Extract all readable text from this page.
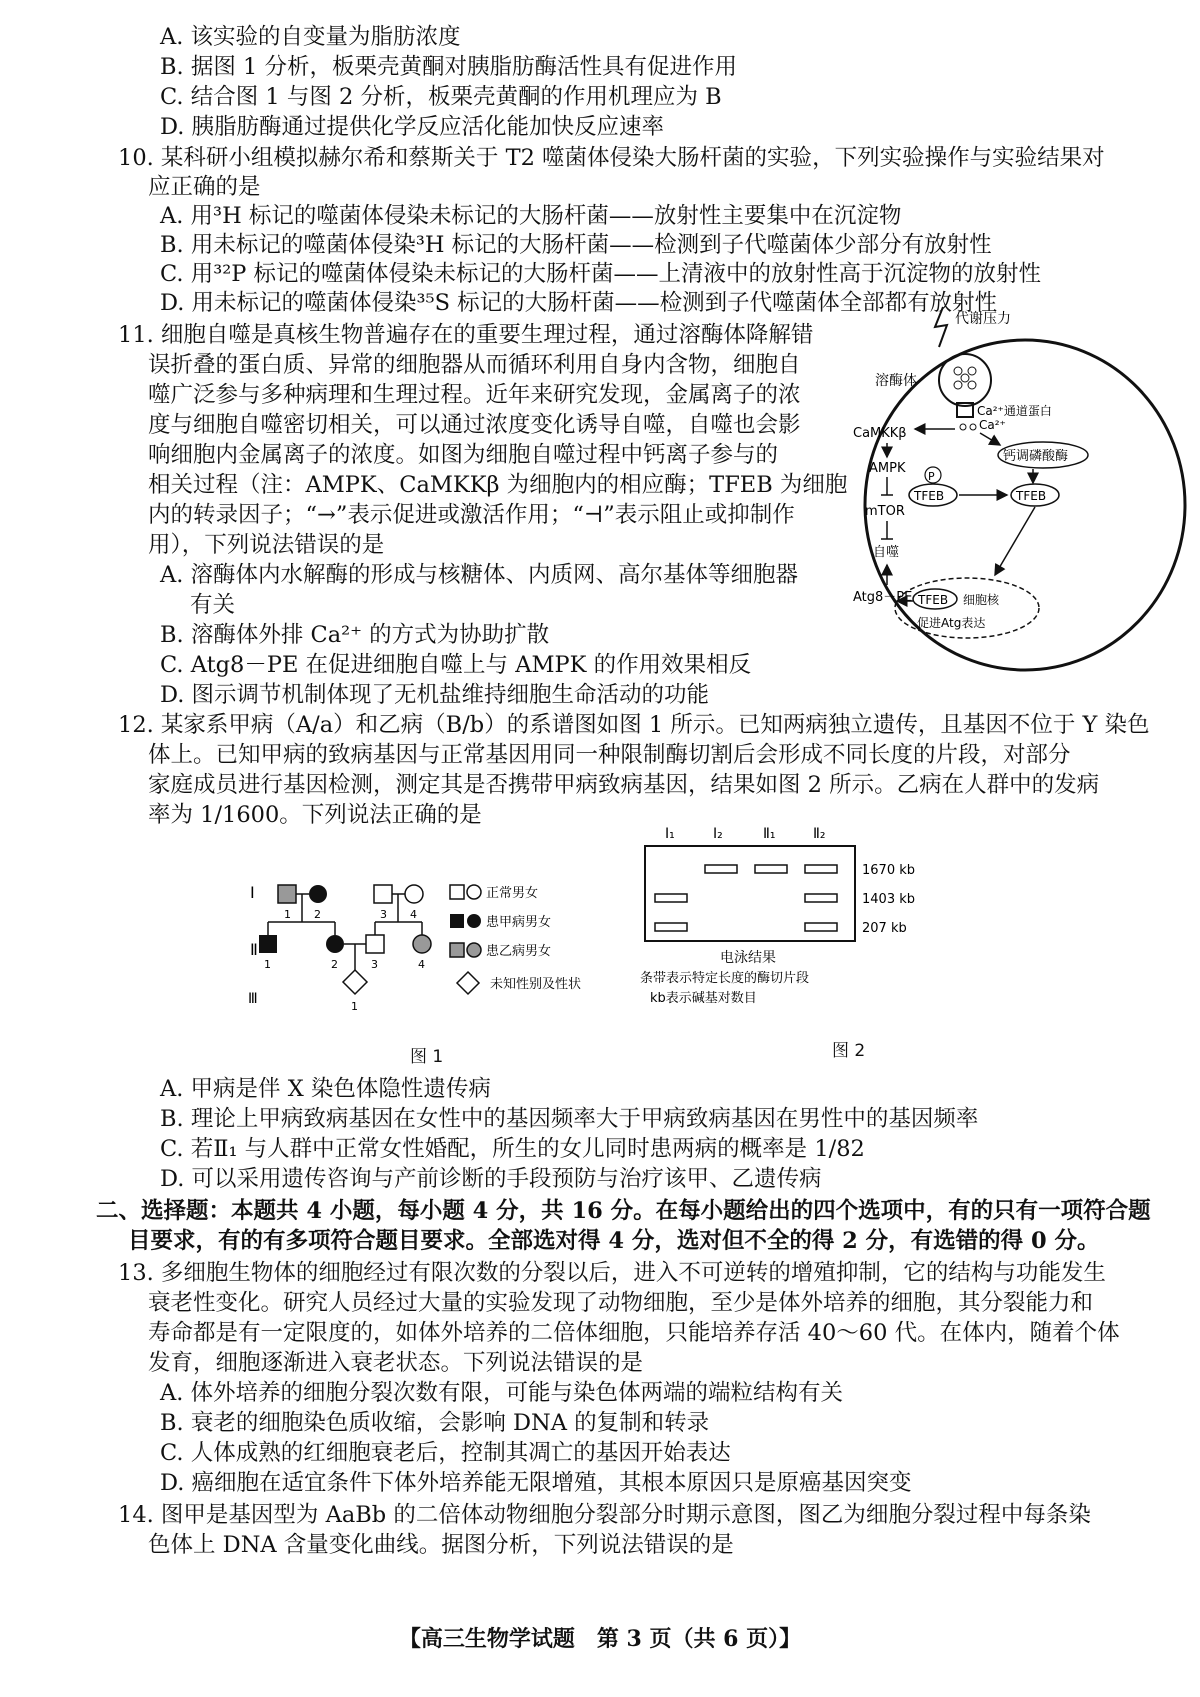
A. 该实验的自变量为脂肪浓度
B. 据图 1 分析，板栗壳黄酮对胰脂肪酶活性具有促进作用
C. 结合图 1 与图 2 分析，板栗壳黄酮的作用机理应为 B
D. 胰脂肪酶通过提供化学反应活化能加快反应速率
10. 某科研小组模拟赫尔希和蔡斯关于 T2 噬菌体侵染大肠杆菌的实验，下列实验操作与实验结果对
应正确的是
A. 用³H 标记的噬菌体侵染未标记的大肠杆菌——放射性主要集中在沉淀物
B. 用未标记的噬菌体侵染³H 标记的大肠杆菌——检测到子代噬菌体少部分有放射性
C. 用³²P 标记的噬菌体侵染未标记的大肠杆菌——上清液中的放射性高于沉淀物的放射性
D. 用未标记的噬菌体侵染³⁵S 标记的大肠杆菌——检测到子代噬菌体全部都有放射性
11. 细胞自噬是真核生物普遍存在的重要生理过程，通过溶酶体降解错
误折叠的蛋白质、异常的细胞器从而循环利用自身内含物，细胞自
噬广泛参与多种病理和生理过程。近年来研究发现，金属离子的浓
度与细胞自噬密切相关，可以通过浓度变化诱导自噬，自噬也会影
响细胞内金属离子的浓度。如图为细胞自噬过程中钙离子参与的
相关过程（注：AMPK、CaMKKβ 为细胞内的相应酶；TFEB 为细胞
内的转录因子；“→”表示促进或激活作用；“⊣”表示阻止或抑制作
用），下列说法错误的是
A. 溶酶体内水解酶的形成与核糖体、内质网、高尔基体等细胞器
有关
B. 溶酶体外排 Ca²⁺ 的方式为协助扩散
C. Atg8－PE 在促进细胞自噬上与 AMPK 的作用效果相反
D. 图示调节机制体现了无机盐维持细胞生命活动的功能
代谢压力
溶酶体
Ca²⁺通道蛋白
Ca²⁺
CaMKKβ
AMPK
钙调磷酸酶
P
TFEB	TFEB
mTOR
自噬
Atg8－PE TFEB 细胞核
促进Atg表达
12. 某家系甲病（A/a）和乙病（B/b）的系谱图如图 1 所示。已知两病独立遗传，且基因不位于 Y 染色
体上。已知甲病的致病基因与正常基因用同一种限制酶切割后会形成不同长度的片段，对部分
家庭成员进行基因检测，测定其是否携带甲病致病基因，结果如图 2 所示。乙病在人群中的发病
率为 1/1600。下列说法正确的是
Ⅰ
Ⅱ
Ⅲ
1 2	3 4
1	2	3	4
1
正常男女
患甲病男女
患乙病男女
未知性别及性状
图 1
Ⅰ₁	Ⅰ₂	Ⅱ₁	Ⅱ₂
1670 kb
1403 kb
207 kb
电泳结果
条带表示特定长度的酶切片段
kb表示碱基对数目
图 2
A. 甲病是伴 X 染色体隐性遗传病
B. 理论上甲病致病基因在女性中的基因频率大于甲病致病基因在男性中的基因频率
C. 若Ⅱ₁ 与人群中正常女性婚配，所生的女儿同时患两病的概率是 1/82
D. 可以采用遗传咨询与产前诊断的手段预防与治疗该甲、乙遗传病
二、选择题：本题共 4 小题，每小题 4 分，共 16 分。在每小题给出的四个选项中，有的只有一项符合题
目要求，有的有多项符合题目要求。全部选对得 4 分，选对但不全的得 2 分，有选错的得 0 分。
13. 多细胞生物体的细胞经过有限次数的分裂以后，进入不可逆转的增殖抑制，它的结构与功能发生
衰老性变化。研究人员经过大量的实验发现了动物细胞，至少是体外培养的细胞，其分裂能力和
寿命都是有一定限度的，如体外培养的二倍体细胞，只能培养存活 40～60 代。在体内，随着个体
发育，细胞逐渐进入衰老状态。下列说法错误的是
A. 体外培养的细胞分裂次数有限，可能与染色体两端的端粒结构有关
B. 衰老的细胞染色质收缩，会影响 DNA 的复制和转录
C. 人体成熟的红细胞衰老后，控制其凋亡的基因开始表达
D. 癌细胞在适宜条件下体外培养能无限增殖，其根本原因只是原癌基因突变
14. 图甲是基因型为 AaBb 的二倍体动物细胞分裂部分时期示意图，图乙为细胞分裂过程中每条染
色体上 DNA 含量变化曲线。据图分析，下列说法错误的是
【高三生物学试题　第 3 页（共 6 页）】
